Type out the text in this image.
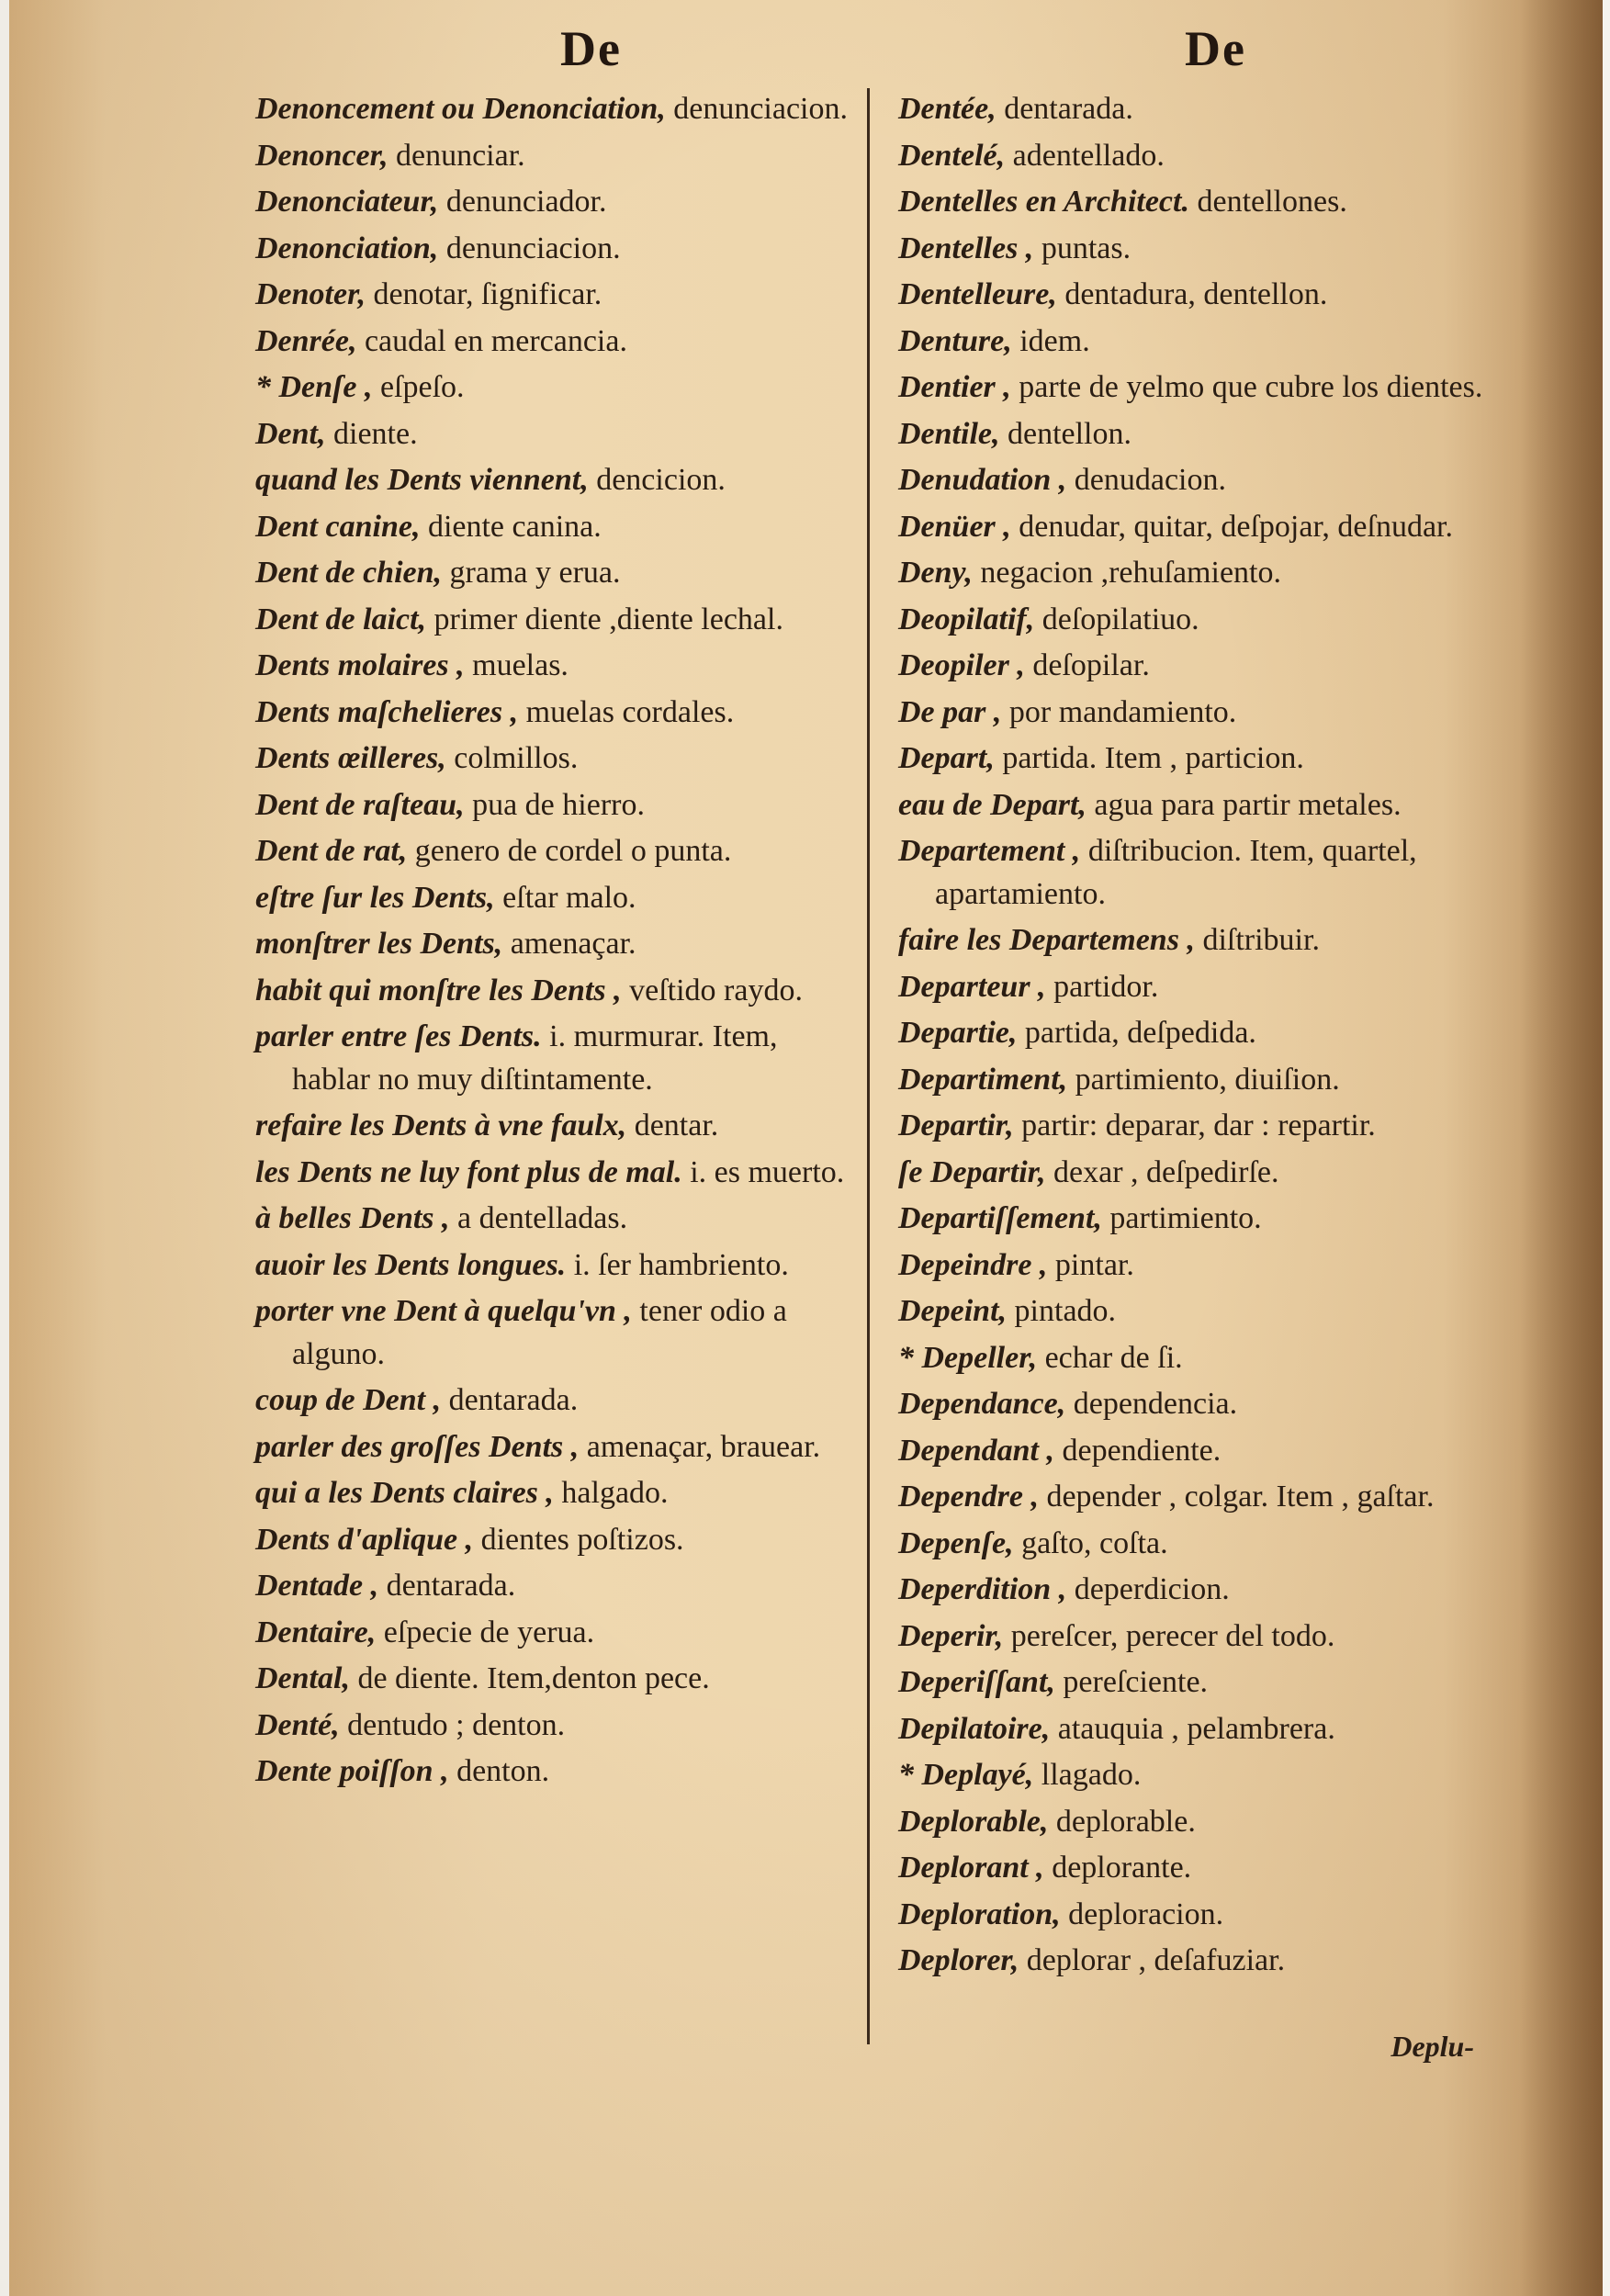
De	De
Denoncement ou Denonciation, denunciacion.
Denoncer, denunciar.
Denonciateur, denunciador.
Denonciation, denunciacion.
Denoter, denotar, ſignificar.
Denrée, caudal en mercancia.
* Denſe , eſpeſo.
Dent, diente.
quand les Dents viennent, dencicion.
Dent canine, diente canina.
Dent de chien, grama y erua.
Dent de laict, primer diente ,diente lechal.
Dents molaires , muelas.
Dents maſchelieres , muelas cordales.
Dents œilleres, colmillos.
Dent de raſteau, pua de hierro.
Dent de rat, genero de cordel o punta.
eſtre ſur les Dents, eſtar malo.
monſtrer les Dents, amenaçar.
habit qui monſtre les Dents , veſtido raydo.
parler entre ſes Dents. i. murmurar. Item, hablar no muy diſtintamente.
refaire les Dents à vne faulx, dentar.
les Dents ne luy font plus de mal. i. es muerto.
à belles Dents , a dentelladas.
auoir les Dents longues. i. ſer hambriento.
porter vne Dent à quelqu'vn , tener odio a alguno.
coup de Dent , dentarada.
parler des groſſes Dents , amenaçar, brauear.
qui a les Dents claires , halgado.
Dents d'aplique , dientes poſtizos.
Dentade , dentarada.
Dentaire, eſpecie de yerua.
Dental, de diente. Item,denton pece.
Denté, dentudo ; denton.
Dente poiſſon , denton.
Dentée, dentarada.
Dentelé, adentellado.
Dentelles en Architect. dentellones.
Dentelles , puntas.
Dentelleure, dentadura, dentellon.
Denture, idem.
Dentier , parte de yelmo que cubre los dientes.
Dentile, dentellon.
Denudation , denudacion.
Denüer , denudar, quitar, deſpojar, deſnudar.
Deny, negacion ,rehuſamiento.
Deopilatif, deſopilatiuo.
Deopiler , deſopilar.
De par , por mandamiento.
Depart, partida. Item , particion.
eau de Depart, agua para partir metales.
Departement , diſtribucion. Item, quartel, apartamiento.
faire les Departemens , diſtribuir.
Departeur , partidor.
Departie, partida, deſpedida.
Departiment, partimiento, diuiſion.
Departir, partir: deparar, dar : repartir.
ſe Departir, dexar , deſpedirſe.
Departiſſement, partimiento.
Depeindre , pintar.
Depeint, pintado.
* Depeller, echar de ſi.
Dependance, dependencia.
Dependant , dependiente.
Dependre , depender , colgar. Item , gaſtar.
Depenſe, gaſto, coſta.
Deperdition , deperdicion.
Deperir, pereſcer, perecer del todo.
Deperiſſant, pereſciente.
Depilatoire, atauquia , pelambrera.
* Deplayé, llagado.
Deplorable, deplorable.
Deplorant , deplorante.
Deploration, deploracion.
Deplorer, deplorar , deſafuziar.
Deplu-
